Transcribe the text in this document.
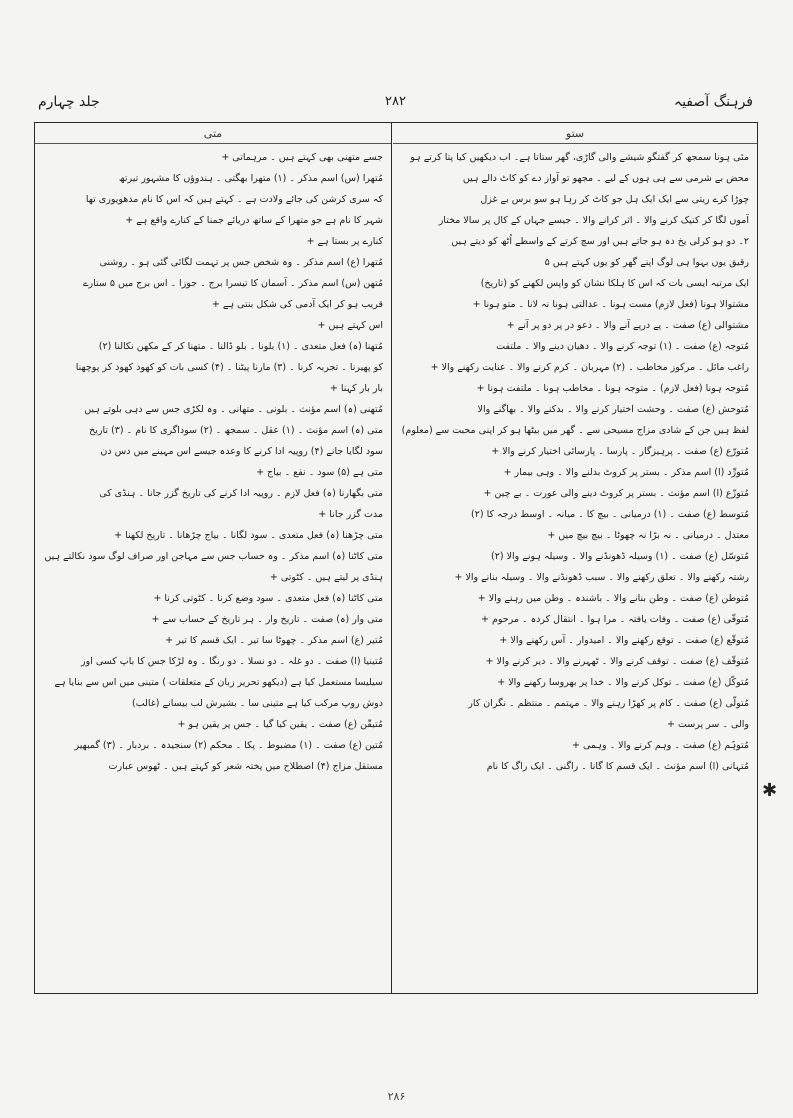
فرہنگ آصفیہ
۲۸۲
جلد چہارم
ستو
متی
مئی ہونا سمجھ کر گفتگو شیشے والی گاڑی، گھر ستاتا ہے۔ اب دیکھیں کیا پتا کرتے ہو
محض بے شرمی سے ہی ہوں کے لیے ۔ مجھو تو آواز دے کو کاٹ دالے ہیں
چوڑا کرے ریتی سے ایک ایک ہل جو کاٹ کر رہا ہو سو برس بے غزل
آموں لگا کر کنیک کرنے والا ۔ اثر کرانے والا ۔ جیسے جہاں کے کال پر سالا مختار
۲۔ دو ہو کرلی یخ دہ ہو جاتے ہیں اور سچ کرتے کے واسطے اُٹھ کو دیتے ہیں
رقیق یوں بہوا ہی لوگ اپنے گھر کو یوں کہتے ہیں ۵
ایک مرتبہ ایسی بات کہ اس کا ہلکا نشان کو واپس لکھنے کو (تاریخ)
مشتوالا ہونا (فعل لازم) مست ہونا ۔ عدالتی ہونا نہ لانا ۔ متو ہونا +
مشتوالی (ع) صفت ۔ پے درپے آنے والا ۔ دعو در پر دو پر آنے +
مُتوجہ (ع) صفت ۔ (۱) توجہ کرنے والا ۔ دھیان دینے والا ۔ ملتفت
راغب مائل ۔ مرکوز مخاطب ۔ (۲) مہربان ۔ کرم کرنے والا ۔ عنایت رکھنے والا +
مُتوجہ ہونا (فعل لازم) ۔ متوجہ ہونا ۔ مخاطب ہونا ۔ ملتفت ہونا +
مُتوحش (ع) صفت ۔ وحشت اختیار کرنے والا ۔ بدکنے والا ۔ بھاگنے والا
لفظ ہیں جن کے شادی مزاج مسیحی سے ۔ گھر میں بیٹھا ہو کر اپنی محبت سے (معلوم)
مُتورّع (ع) صفت ۔ پرہیزگار ۔ پارسا ۔ پارسائی اختیار کرنے والا +
مُتورِّد (ا) اسم مذکر ۔ بستر پر کروٹ بدلنے والا ۔ وہی بیمار +
مُتوزّع (ا) اسم مؤنث ۔ بستر پر کروٹ دینے والی عورت ۔ بے چین +
مُتوسط (ع) صفت ۔ (۱) درمیانی ۔ بیچ کا ۔ میانہ ۔ اوسط درجہ کا (۲)
معتدل ۔ درمیانی ۔ نہ بڑا نہ چھوٹا ۔ بیچ بیچ میں +
مُتوسّل (ع) صفت ۔ (۱) وسیلہ ڈھونڈنے والا ۔ وسیلہ ہونے والا (۲)
رشتہ رکھنے والا ۔ تعلق رکھنے والا ۔ سبب ڈھونڈنے والا ۔ وسیلہ بنانے والا +
مُتوطن (ع) صفت ۔ وطن بنانے والا ۔ باشندہ ۔ وطن میں رہنے والا +
مُتوفّی (ع) صفت ۔ وفات یافتہ ۔ مرا ہوا ۔ انتقال کردہ ۔ مرحوم +
مُتوقّع (ع) صفت ۔ توقع رکھنے والا ۔ امیدوار ۔ آس رکھنے والا +
مُتوقّف (ع) صفت ۔ توقف کرنے والا ۔ ٹھہرنے والا ۔ دیر کرنے والا +
مُتوکّل (ع) صفت ۔ توکل کرنے والا ۔ خدا پر بھروسا رکھنے والا +
مُتولّی (ع) صفت ۔ کام پر کھڑا رہنے والا ۔ مہتمم ۔ منتظم ۔ نگران کار
والی ۔ سر پرست +
مُتوہّم (ع) صفت ۔ وہم کرنے والا ۔ وہمی +
مُتہانی (ا) اسم مؤنث ۔ ایک قسم کا گانا ۔ راگنی ۔ ایک راگ کا نام
جسے متھنی بھی کہتے ہیں ۔ مرہماتی +
مُتھرا (س) اسم مذکر ۔ (۱) متھرا بھگتی ۔ ہندوؤں کا مشہور تیرتھ
کہ سری کرشن کی جائے ولادت ہے ۔ کہتے ہیں کہ اس کا نام مدھوپوری تھا
شہر کا نام ہے جو متھرا کے ساتھ دریائے جمنا کے کنارے واقع ہے +
کنارے پر بستا ہے +
مُتھرا (ع) اسم مذکر ۔ وہ شخص جس پر تہمت لگائی گئی ہو ۔ روشنی
مُتھن (س) اسم مذکر ۔ آسمان کا تیسرا برج ۔ جوزا ۔ اس برج میں ۵ ستارے
قریب ہو کر ایک آدمی کی شکل بنتی ہے +
اس کہتے ہیں +
مُتھنا (ہ) فعل متعدی ۔ (۱) بلونا ۔ بلو ڈالنا ۔ متھنا کر کے مکھن نکالنا (۲)
کو پھیرنا ۔ تجربہ کرنا ۔ (۳) مارنا پیٹنا ۔ (۴) کسی بات کو کھود کھود کر پوچھنا
بار بار کہنا +
مُتھنی (ہ) اسم مؤنث ۔ بلونی ۔ متھانی ۔ وہ لکڑی جس سے دہی بلوتے ہیں
متی (ہ) اسم مؤنث ۔ (۱) عقل ۔ سمجھ ۔ (۲) سوداگری کا نام ۔ (۳) تاریخ
سود لگایا جانے (۴) روپیہ ادا کرنے کا وعدہ جیسے اس مہینے میں دس دن
متی ہے (۵) سود ۔ نفع ۔ بیاج +
متی بگھارنا (ہ) فعل لازم ۔ روپیہ ادا کرنے کی تاریخ گزر جانا ۔ ہنڈی کی
مدت گزر جانا +
متی چڑھنا (ہ) فعل متعدی ۔ سود لگانا ۔ بیاج چڑھانا ۔ تاریخ لکھنا +
متی کاٹنا (ہ) اسم مذکر ۔ وہ حساب جس سے مہاجن اور صراف لوگ سود نکالتے ہیں
ہنڈی پر لیتے ہیں ۔ کٹوتی +
متی کاٹنا (ہ) فعل متعدی ۔ سود وضع کرنا ۔ کٹوتی کرنا +
متی وار (ہ) صفت ۔ تاریخ وار ۔ ہر تاریخ کے حساب سے +
مُتیر (ع) اسم مذکر ۔ چھوٹا سا تیر ۔ ایک قسم کا تیر +
مُتینیا (ا) صفت ۔ دو غلہ ۔ دو نسلا ۔ دو رنگا ۔ وہ لڑکا جس کا باپ کسی اور
سیلیسا مستعمل کیا ہے (دیکھو تحریر زبان کے متعلقات ) متینی میں اس سے بنایا ہے
دوش روپ مرکب کیا ہے متینی سا ۔ بشیرش لب بیسانے (غالب)
مُتیقّن (ع) صفت ۔ یقین کیا گیا ۔ جس پر یقین ہو +
مُتین (ع) صفت ۔ (۱) مضبوط ۔ پکا ۔ محکم (۲) سنجیدہ ۔ بردبار ۔ (۳) گمبھیر
مستقل مزاج (۴) اصطلاح میں پختہ شعر کو کہتے ہیں ۔ ٹھوس عبارت
✱
۲۸۶
